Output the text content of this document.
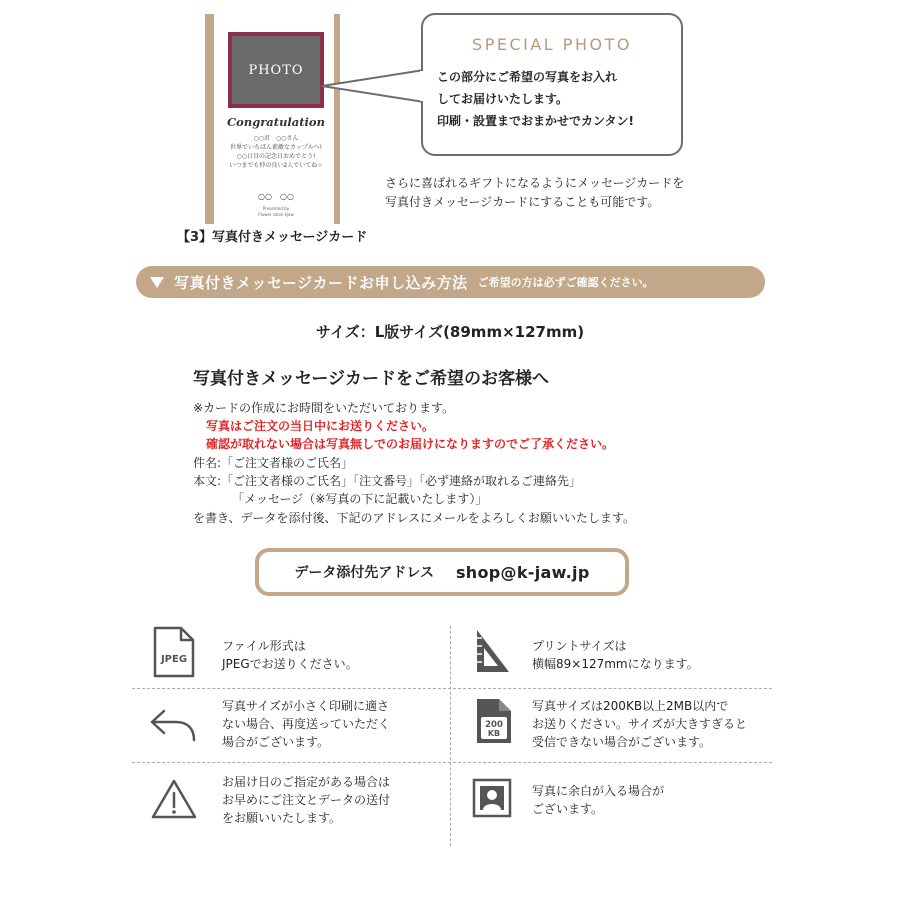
PHOTO
Congratulation
○○君　○○さん
世界でいちばん素敵なカップルへ!
○○日目の記念日おめでとう!
いつまでも仲の良い2人でいてね☆
○○　○○
Presented by
Flower salon kjaw
SPECIAL PHOTO
この部分にご希望の写真をお入れ
してお届けいたします。
印刷・設置までおまかせでカンタン!
さらに喜ばれるギフトになるようにメッセージカードを
写真付きメッセージカードにすることも可能です。
【3】写真付きメッセージカード
写真付きメッセージカードお申し込み方法 ご希望の方は必ずご確認ください。
サイズ：L版サイズ(89mm×127mm)
写真付きメッセージカードをご希望のお客様へ
※カードの作成にお時間をいただいております。
写真はご注文の当日中にお送りください。
確認が取れない場合は写真無しでのお届けになりますのでご了承ください。
件名:「ご注文者様のご氏名」
本文:「ご注文者様のご氏名」「注文番号」「必ず連絡が取れるご連絡先」
「メッセージ（※写真の下に記載いたします）」
を書き、データを添付後、下記のアドレスにメールをよろしくお願いいたします。
データ添付先アドレス shop@k-jaw.jp
JPEG
ファイル形式は
JPEGでお送りください。
プリントサイズは
横幅89×127mmになります。
写真サイズが小さく印刷に適さ
ない場合、再度送っていただく
場合がございます。
200
KB
写真サイズは200KB以上2MB以内で
お送りください。サイズが大きすぎると
受信できない場合がございます。
お届け日のご指定がある場合は
お早めにご注文とデータの送付
をお願いいたします。
写真に余白が入る場合が
ございます。
